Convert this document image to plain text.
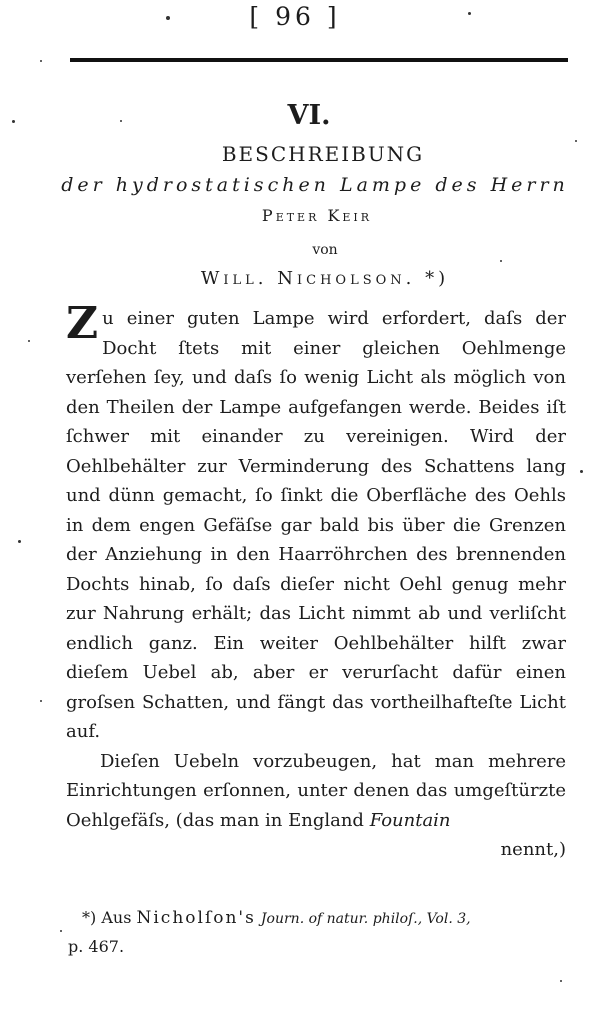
[ 96 ]
VI.
BESCHREIBUNG
der hydrostatischen Lampe des Herrn
Peter Keir
von
Will. Nicholson. *)

Zu einer guten Lampe wird erfordert, daſs der Docht ſtets mit einer gleichen Oehlmenge verſehen ſey, und daſs ſo wenig Licht als möglich von den Theilen der Lampe aufgefangen werde. Beides iſt ſchwer mit einander zu vereinigen. Wird der Oehlbehälter zur Verminderung des Schattens lang und dünn gemacht, ſo ſinkt die Oberfläche des Oehls in dem engen Gefäſse gar bald bis über die Grenzen der Anziehung in den Haarröhrchen des brennenden Dochts hinab, ſo daſs dieſer nicht Oehl genug mehr zur Nahrung erhält; das Licht nimmt ab und verliſcht endlich ganz. Ein weiter Oehlbehälter hilft zwar dieſem Uebel ab, aber er verurſacht dafür einen groſsen Schatten, und fängt das vortheilhafteſte Licht auf.

Dieſen Uebeln vorzubeugen, hat man mehrere Einrichtungen erſonnen, unter denen das umgeſtürzte Oehlgefäſs, (das man in England Fountain

nennt,)

*) Aus Nicholſon's Journ. of natur. philoſ., Vol. 3,

p. 467.
